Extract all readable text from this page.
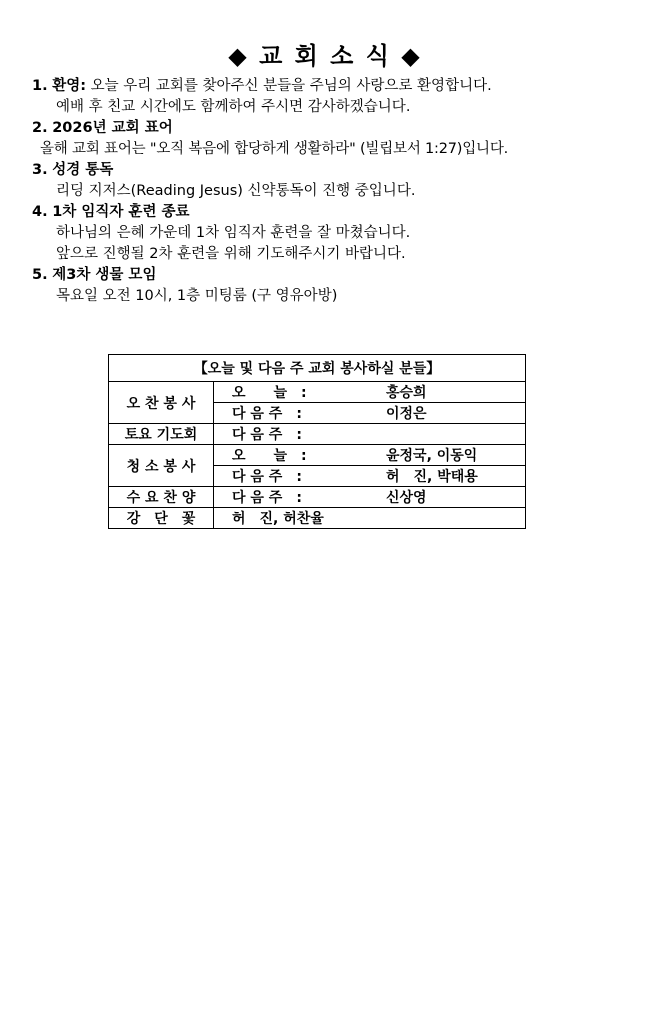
◆ 교 회 소 식 ◆
1. 환영: 오늘 우리 교회를 찾아주신 분들을 주님의 사랑으로 환영합니다.
예배 후 친교 시간에도 함께하여 주시면 감사하겠습니다.
2. 2026년 교회 표어
올해 교회 표어는 "오직 복음에 합당하게 생활하라" (빌립보서 1:27)입니다.
3. 성경 통독
리딩 지저스(Reading Jesus) 신약통독이 진행 중입니다.
4. 1차 임직자 훈련 종료
하나님의 은혜 가운데 1차 임직자 훈련을 잘 마쳤습니다.
앞으로 진행될 2차 훈련을 위해 기도해주시기 바랍니다.
5. 제3차 생물 모임
목요일 오전 10시, 1층 미팅룸 (구 영유아방)
【오늘 및 다음 주 교회 봉사하실 분들】		
오 찬 봉 사	오　　늘　:	홍승희
	다 음 주　:	이정은
토요 기도회	다 음 주　:	
청 소 봉 사	오　　늘　:	윤정국, 이동익
	다 음 주　:	허　진, 박태용
수 요 찬 양	다 음 주　:	신상영
강　단　꽃	허　진, 허찬율	
